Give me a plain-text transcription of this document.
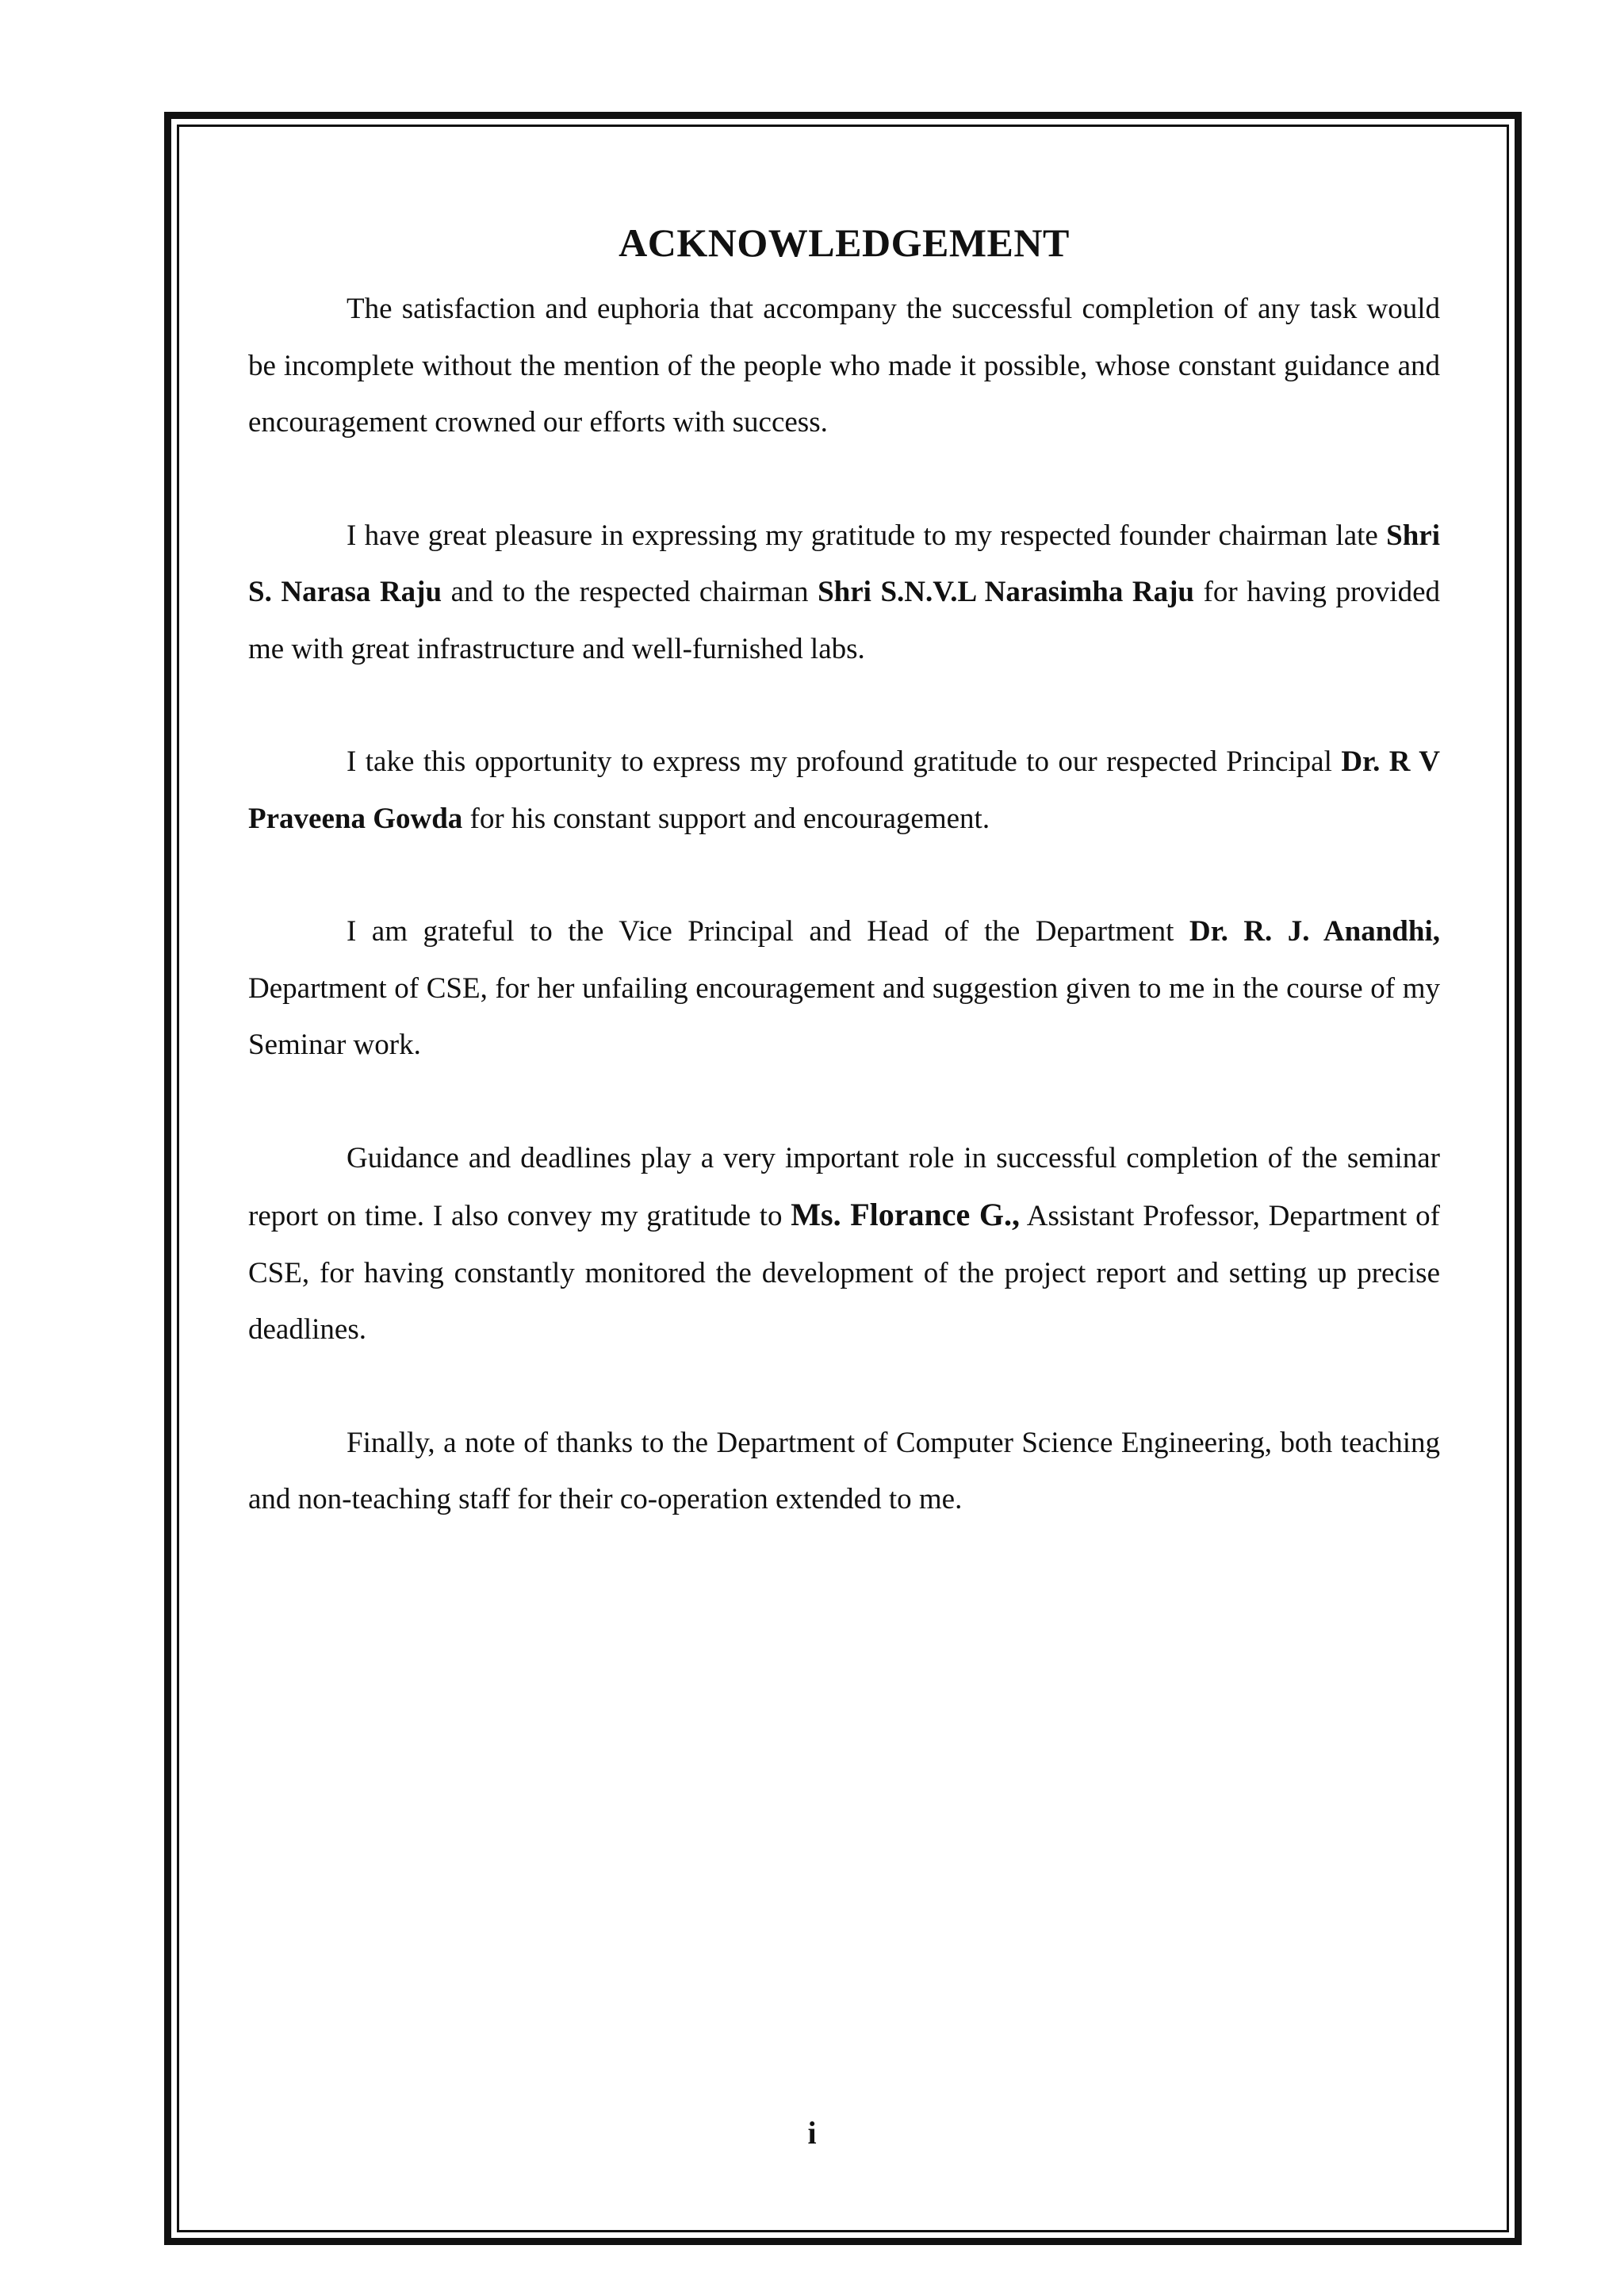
ACKNOWLEDGEMENT

The satisfaction and euphoria that accompany the successful completion of any task would be incomplete without the mention of the people who made it possible, whose constant guidance and encouragement crowned our efforts with success.

I have great pleasure in expressing my gratitude to my respected founder chairman late Shri S. Narasa Raju and to the respected chairman Shri S.N.V.L Narasimha Raju for having provided me with great infrastructure and well-furnished labs.

I take this opportunity to express my profound gratitude to our respected Principal Dr. R V Praveena Gowda for his constant support and encouragement.

I am grateful to the Vice Principal and Head of the Department Dr. R. J. Anandhi, Department of CSE, for her unfailing encouragement and suggestion given to me in the course of my Seminar work.

Guidance and deadlines play a very important role in successful completion of the seminar report on time. I also convey my gratitude to Ms. Florance G., Assistant Professor, Department of CSE, for having constantly monitored the development of the project report and setting up precise deadlines.

Finally, a note of thanks to the Department of Computer Science Engineering, both teaching and non-teaching staff for their co-operation extended to me.

i
